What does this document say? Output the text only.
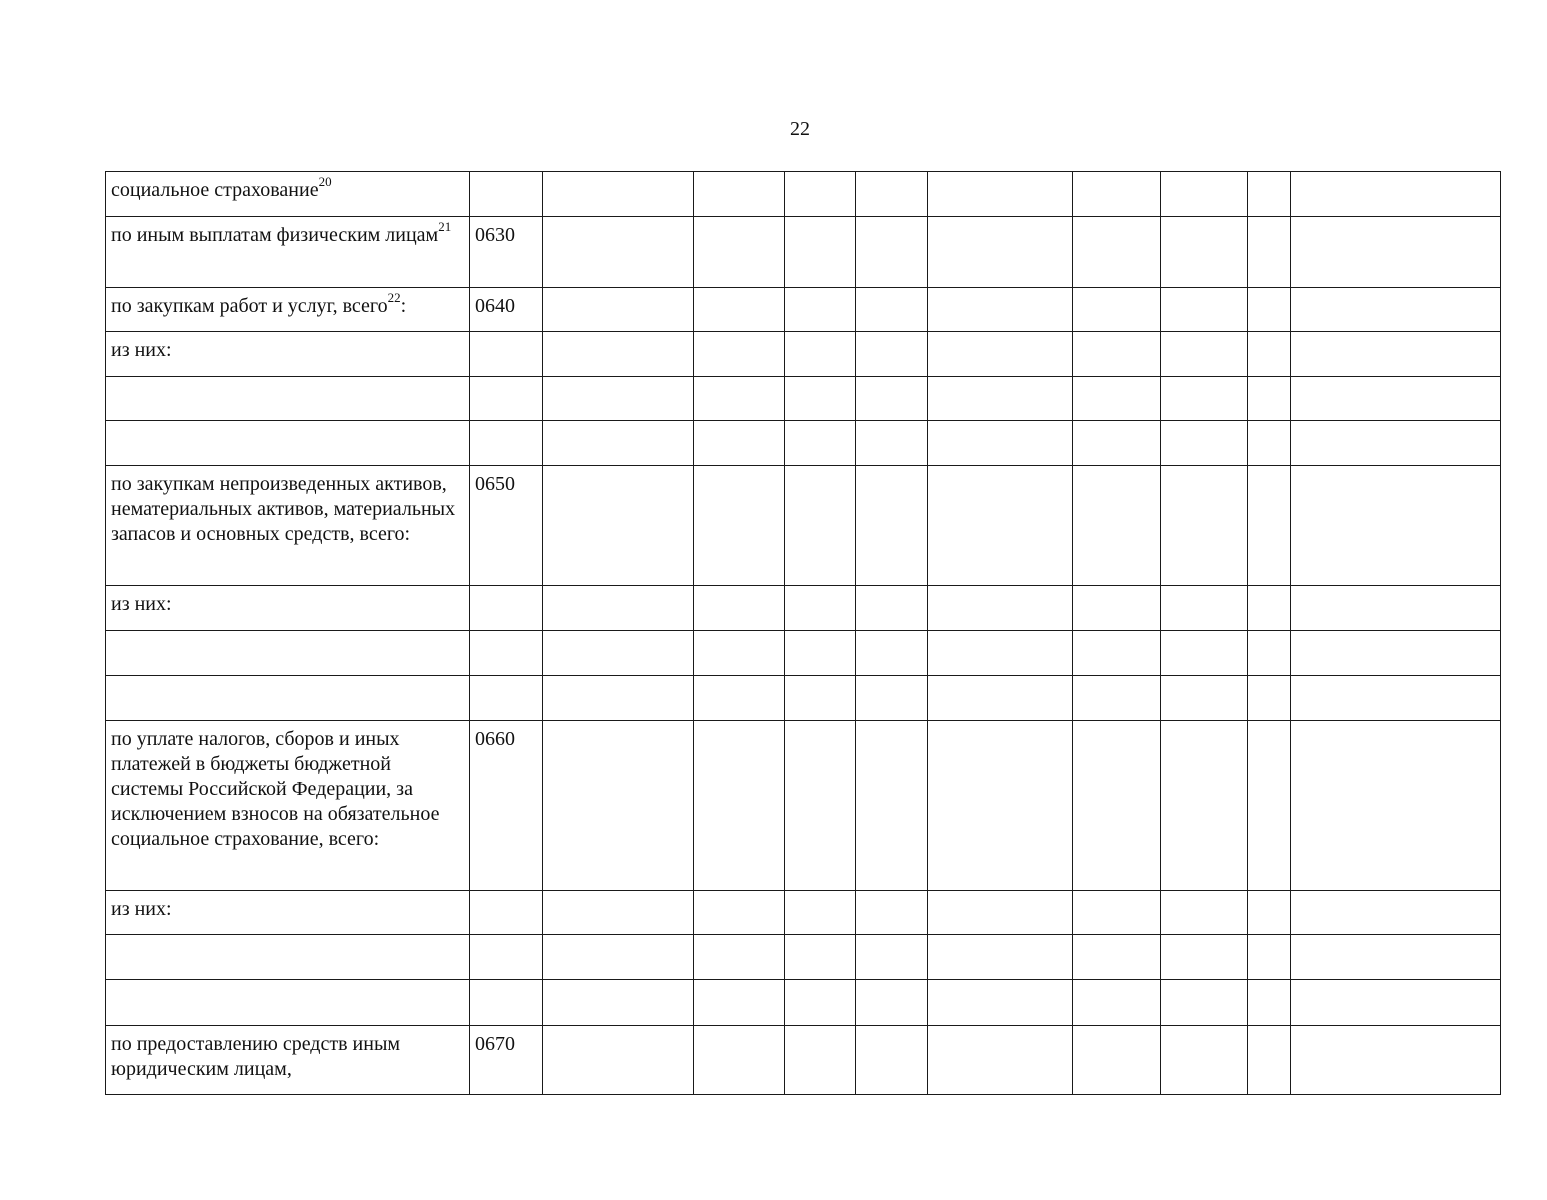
22
социальное страхование$^{20}$										
по иным выплатам физическим лицам$^{21}$	0630									
по закупкам работ и услуг, всего$^{22}$:	0640									
из них:										

по закупкам непроизведенных активов, нематериальных активов, материальных запасов и основных средств, всего:	0650									
из них:										

по уплате налогов, сборов и иных платежей в бюджеты бюджетной системы Российской Федерации, за исключением взносов на обязательное социальное страхование, всего:	0660									
из них:										

по предоставлению средств иным юридическим лицам,	0670									
